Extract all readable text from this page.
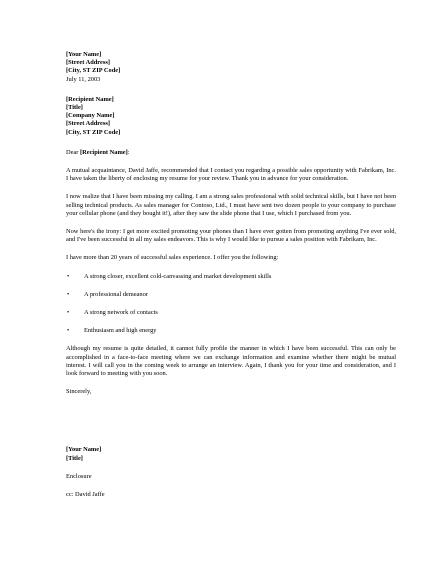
[Your Name]
[Street Address]
[City, ST ZIP Code]
July 11, 2003
[Recipient Name]
[Title]
[Company Name]
[Street Address]
[City, ST ZIP Code]
Dear [Recipient Name]:

A mutual acquaintance, David Jaffe, recommended that I contact you regarding a possible sales opportunity with Fabrikam, Inc. I have taken the liberty of enclosing my resume for your review. Thank you in advance for your consideration.

I now realize that I have been missing my calling. I am a strong sales professional with solid technical skills, but I have not been selling technical products. As sales manager for Contoso, Ltd., I must have sent two dozen people to your company to purchase your cellular phone (and they bought it!), after they saw the slide phone that I use, which I purchased from you.

Now here's the irony: I get more excited promoting your phones than I have ever gotten from promoting anything I've ever sold, and I've been successful in all my sales endeavors. This is why I would like to pursue a sales position with Fabrikam, Inc.

I have more than 20 years of successful sales experience. I offer you the following:

• A strong closer, excellent cold-canvassing and market development skills
• A professional demeanor
• A strong network of contacts
• Enthusiasm and high energy

Although my resume is quite detailed, it cannot fully profile the manner in which I have been successful. This can only be accomplished in a face-to-face meeting where we can exchange information and examine whether there might be mutual interest. I will call you in the coming week to arrange an interview. Again, I thank you for your time and consideration, and I look forward to meeting with you soon.

Sincerely,
[Your Name]
[Title]
Enclosure
cc: David Jaffe
